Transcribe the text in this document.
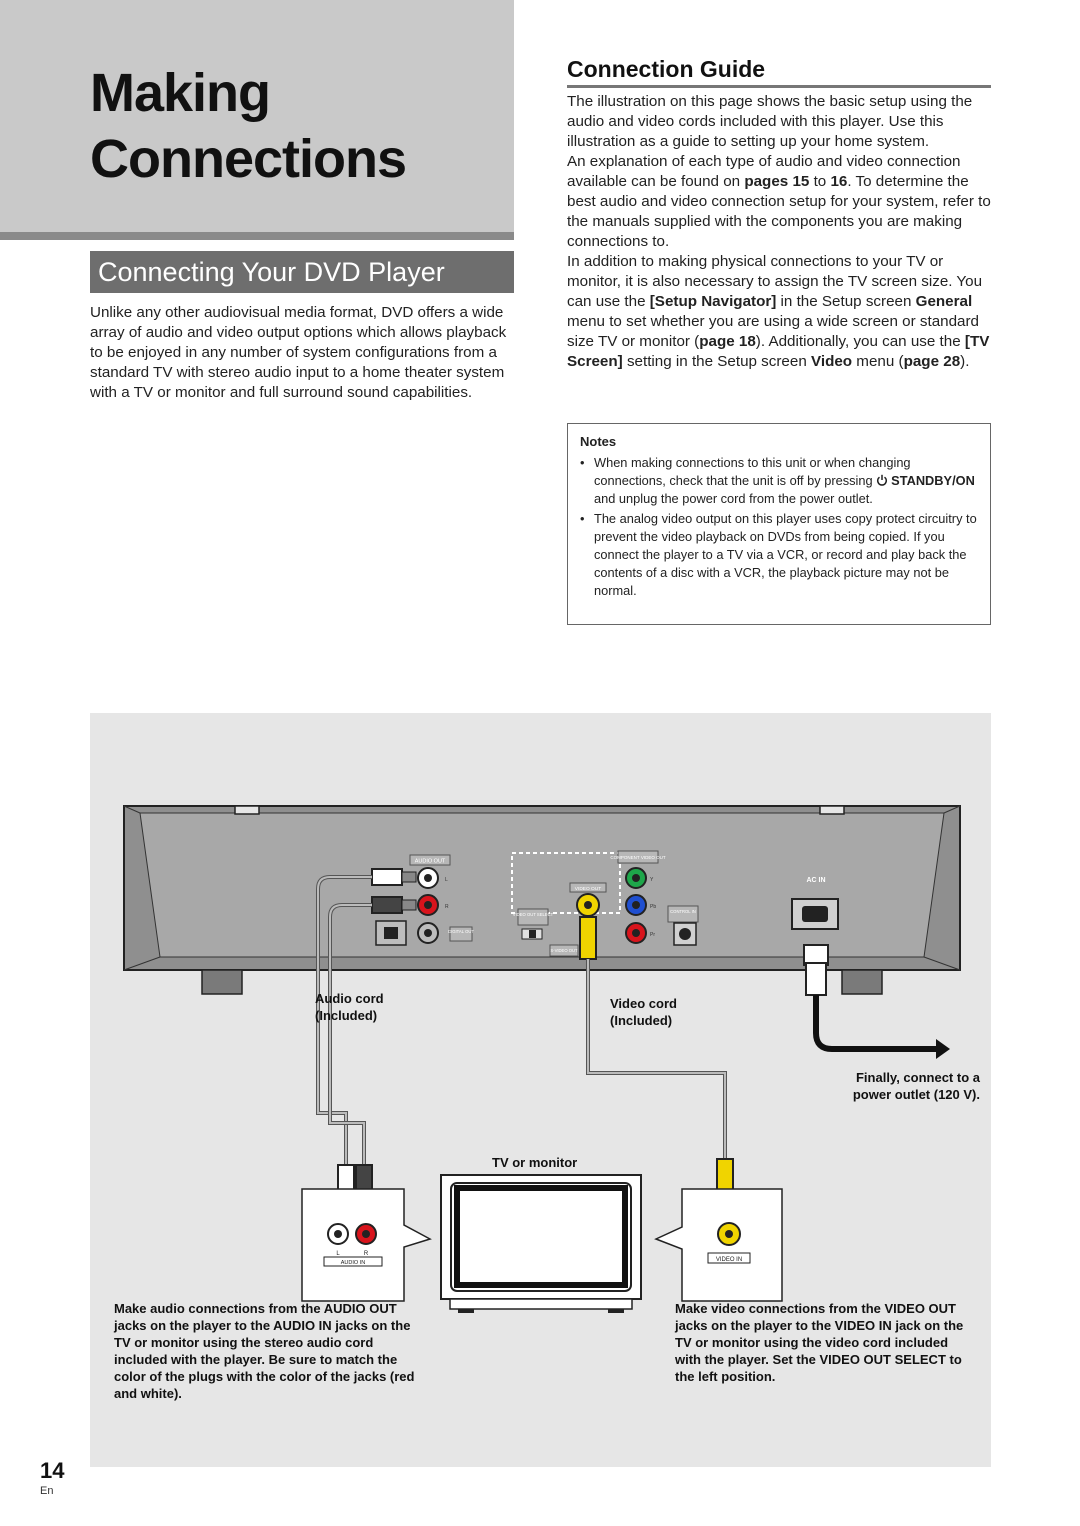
Making
Connections
Connecting Your DVD Player
Unlike any other audiovisual media format, DVD offers a wide array of audio and video output options which allows playback to be enjoyed in any number of system configurations from a standard TV with stereo audio input to a home theater system with a TV or monitor and full surround sound capabilities.
Connection Guide

The illustration on this page shows the basic setup using the audio and video cords included with this player. Use this illustration as a guide to setting up your home system.

An explanation of each type of audio and video connection available can be found on pages 15 to 16. To determine the best audio and video connection setup for your system, refer to the manuals supplied with the components you are making connections to.

In addition to making physical connections to your TV or monitor, it is also necessary to assign the TV screen size. You can use the [Setup Navigator] in the Setup screen General menu to set whether you are using a wide screen or standard size TV or monitor (page 18). Additionally, you can use the [TV Screen] setting in the Setup screen Video menu (page 28).

Notes
• When making connections to this unit or when changing connections, check that the unit is off by pressing STANDBY/ON and unplug the power cord from the power outlet.
• The analog video output on this player uses copy protect circuitry to prevent the video playback on DVDs from being copied. If you connect the player to a TV via a VCR, or record and play back the contents of a disc with a VCR, the playback picture may not be normal.
AUDIO OUT
L
R
DIGITAL OUT
VIDEO OUT SELECT
VIDEO OUT
S-VIDEO OUT
COMPONENT VIDEO OUT
Y
Pb
Pr
CONTROL IN
AC IN
L	R
AUDIO IN	VIDEO IN
Audio cord
(Included)
Video cord
(Included)
Finally, connect to a
power outlet (120 V).
TV or monitor
Make audio connections from the AUDIO OUT jacks on the player to the AUDIO IN jacks on the TV or monitor using the stereo audio cord included with the player. Be sure to match the color of the plugs with the color of the jacks (red and white).
Make video connections from the VIDEO OUT jacks on the player to the VIDEO IN jack on the TV or monitor using the video cord included with the player. Set the VIDEO OUT SELECT to the left position.
14
En
